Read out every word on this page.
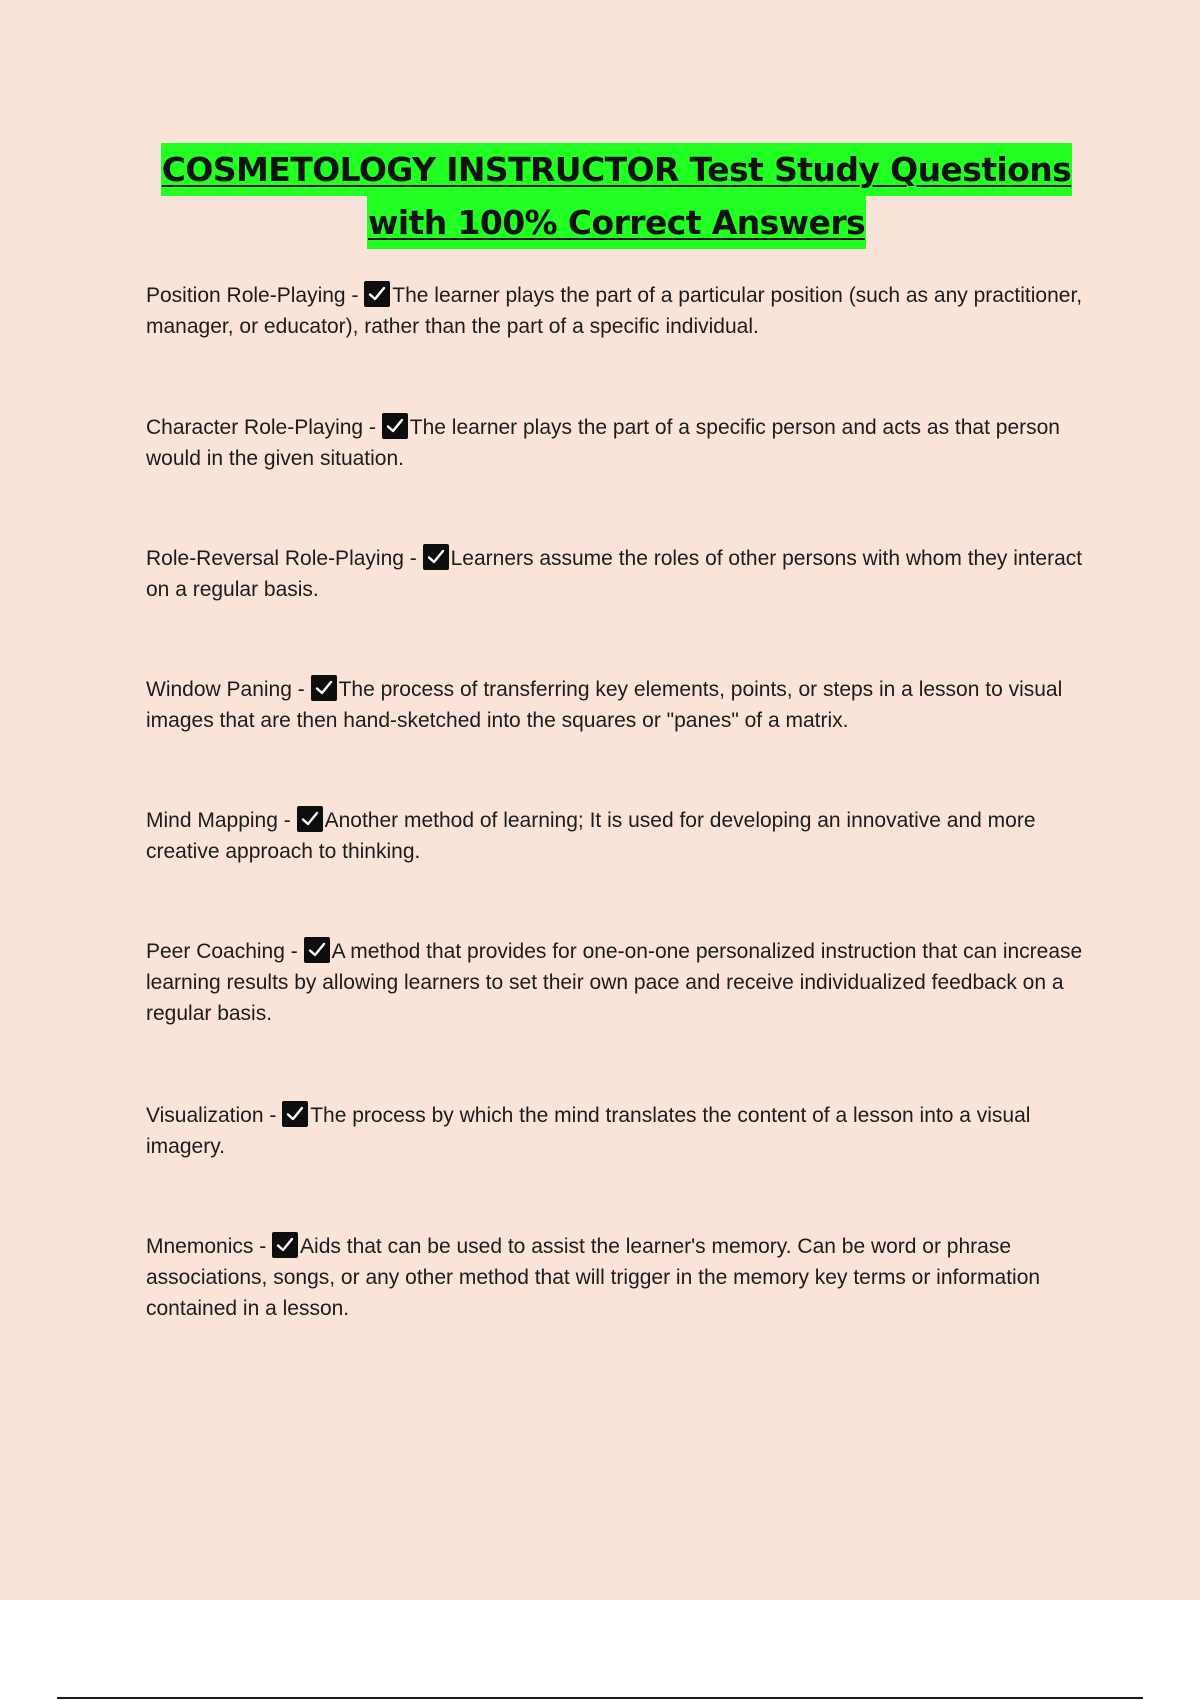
COSMETOLOGY INSTRUCTOR Test Study Questions
with 100% Correct Answers
Position Role-Playing -
The learner plays the part of a particular position (such as any practitioner, manager, or educator), rather than the part of a specific individual.
Character Role-Playing -
The learner plays the part of a specific person and acts as that person would in the given situation.
Role-Reversal Role-Playing -
Learners assume the roles of other persons with whom they interact on a regular basis.
Window Paning -
The process of transferring key elements, points, or steps in a lesson to visual images that are then hand-sketched into the squares or "panes" of a matrix.
Mind Mapping -
Another method of learning; It is used for developing an innovative and more creative approach to thinking.
Peer Coaching -
A method that provides for one-on-one personalized instruction that can increase learning results by allowing learners to set their own pace and receive individualized feedback on a regular basis.
Visualization -
The process by which the mind translates the content of a lesson into a visual imagery.
Mnemonics -
Aids that can be used to assist the learner's memory. Can be word or phrase associations, songs, or any other method that will trigger in the memory key terms or information contained in a lesson.
